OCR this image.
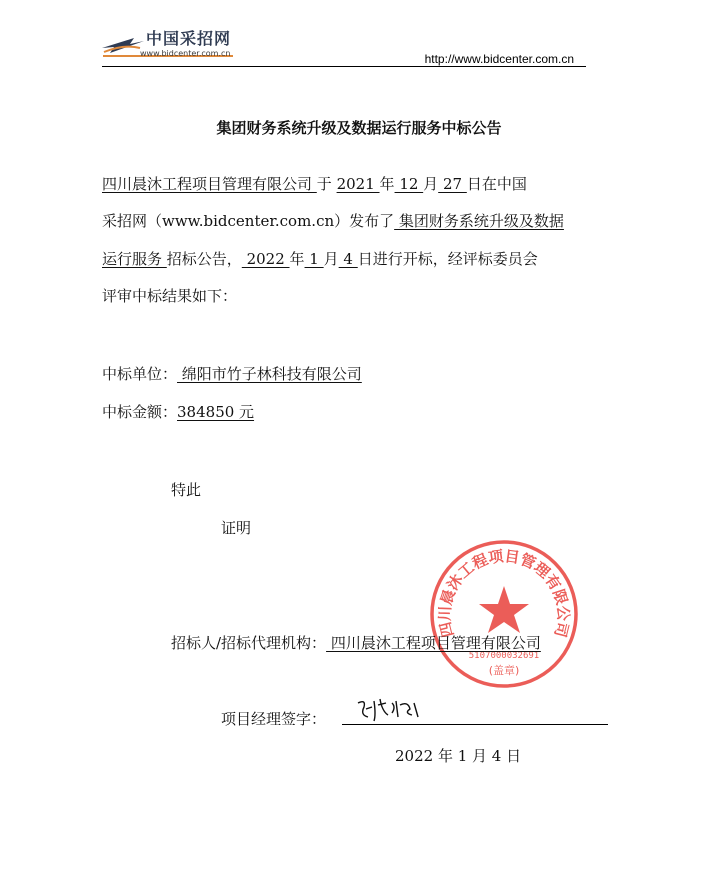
中国采招网
www.bidcenter.com.cn	http://www.bidcenter.com.cn
集团财务系统升级及数据运行服务中标公告
四川晨沐工程项目管理有限公司 于 2021 年 12 月 27 日在中国
采招网（www.bidcenter.com.cn）发布了 集团财务系统升级及数据
运行服务 招标公告， 2022 年 1 月 4 日进行开标，经评标委员会
评审中标结果如下：
中标单位： 绵阳市竹子林科技有限公司
中标金额：384850 元
特此
证明
四川晨沐工程项目管理有限公司
5107000032691
(盖章)
招标人/招标代理机构： 四川晨沐工程项目管理有限公司
项目经理签字：
2022 年 1 月 4 日
